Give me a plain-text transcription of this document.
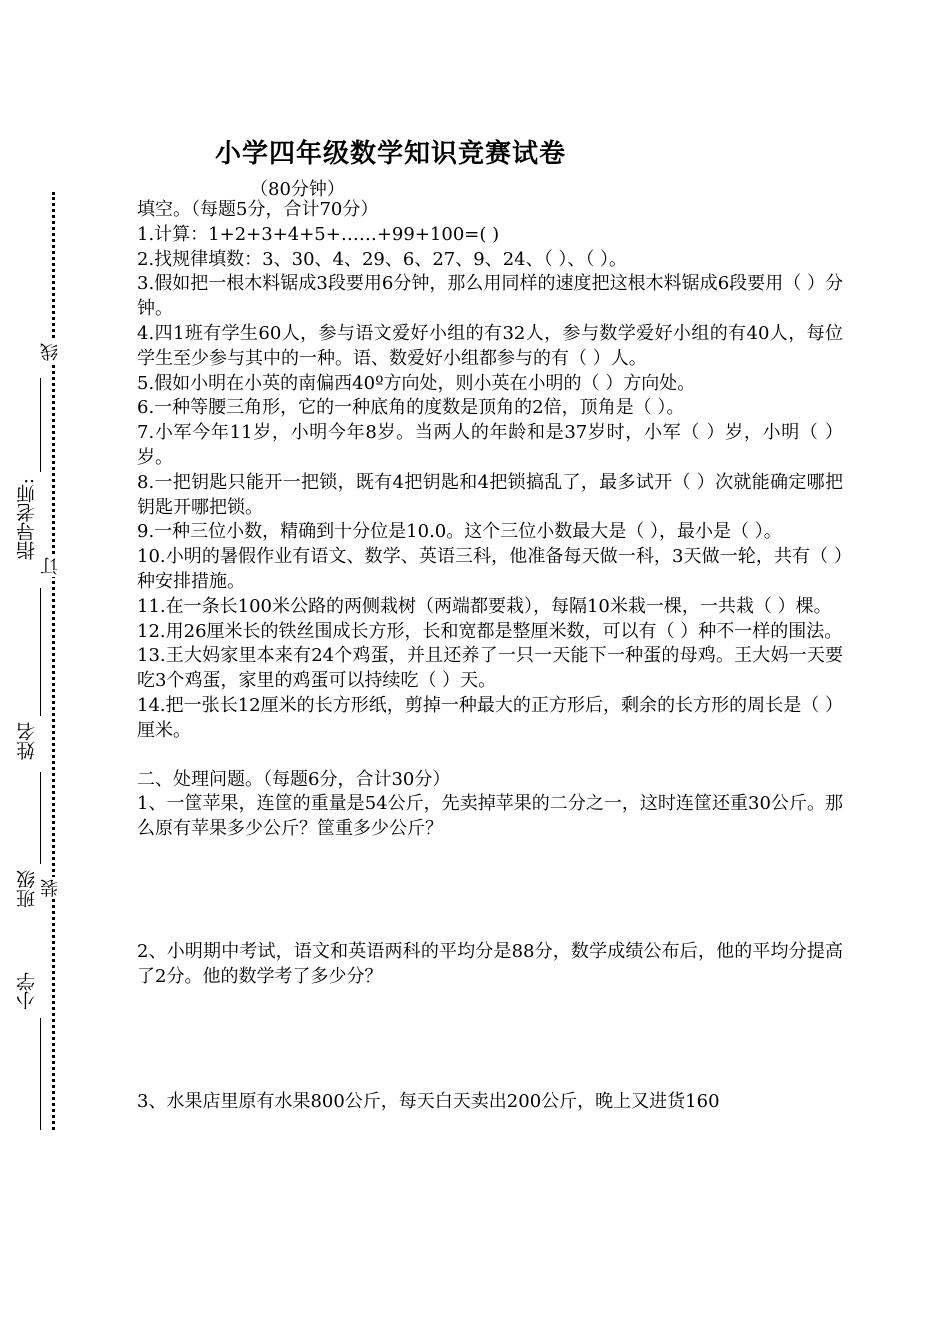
线
订
装
指导老师:
姓名
班级
小学
小学四年级数学知识竞赛试卷
（80分钟）

填空。（每题5分，合计70分）

1.计算：1+2+3+4+5+……+99+100=( )

2.找规律填数：3、30、4、29、6、27、9、24、（ ）、（ ）。

3.假如把一根木料锯成3段要用6分钟，那么用同样的速度把这根木料锯成6段要用（ ）分钟。

4.四1班有学生60人，参与语文爱好小组的有32人，参与数学爱好小组的有40人，每位学生至少参与其中的一种。语、数爱好小组都参与的有（ ）人。

5.假如小明在小英的南偏西40º方向处，则小英在小明的（ ）方向处。

6.一种等腰三角形，它的一种底角的度数是顶角的2倍，顶角是（ ）。

7.小军今年11岁，小明今年8岁。当两人的年龄和是37岁时，小军（ ）岁，小明（ ）岁。

8.一把钥匙只能开一把锁，既有4把钥匙和4把锁搞乱了，最多试开（ ）次就能确定哪把钥匙开哪把锁。

9.一种三位小数，精确到十分位是10.0。这个三位小数最大是（ ），最小是（ ）。

10.小明的暑假作业有语文、数学、英语三科，他准备每天做一科，3天做一轮，共有（ ）种安排措施。

11.在一条长100米公路的两侧栽树（两端都要栽），每隔10米栽一棵，一共栽（ ）棵。

12.用26厘米长的铁丝围成长方形，长和宽都是整厘米数，可以有（ ）种不一样的围法。

13.王大妈家里本来有24个鸡蛋，并且还养了一只一天能下一种蛋的母鸡。王大妈一天要吃3个鸡蛋，家里的鸡蛋可以持续吃（ ）天。

14.把一张长12厘米的长方形纸，剪掉一种最大的正方形后，剩余的长方形的周长是（ ）厘米。

二、处理问题。（每题6分，合计30分）

1、一筐苹果，连筐的重量是54公斤，先卖掉苹果的二分之一，这时连筐还重30公斤。那么原有苹果多少公斤？筐重多少公斤？

2、小明期中考试，语文和英语两科的平均分是88分，数学成绩公布后，他的平均分提高了2分。他的数学考了多少分？

3、水果店里原有水果800公斤，每天白天卖出200公斤，晚上又进货160
